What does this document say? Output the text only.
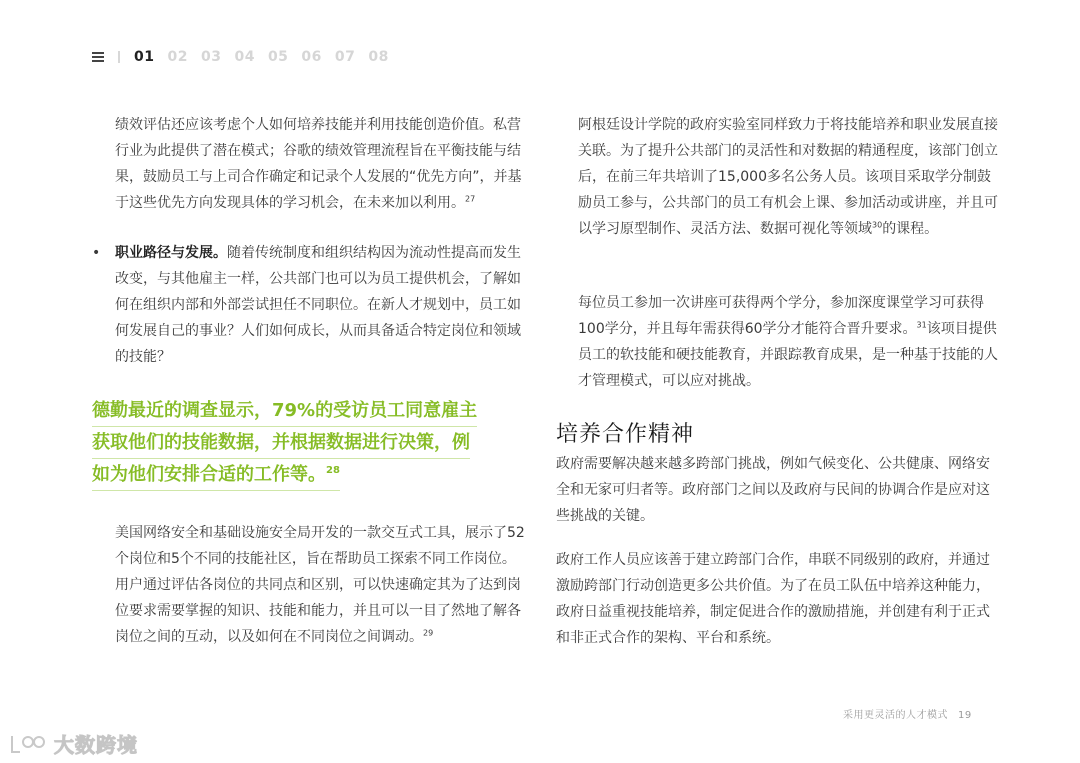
01 02 03 04 05 06 07 08

绩效评估还应该考虑个人如何培养技能并利用技能创造价值。私营行业为此提供了潜在模式；谷歌的绩效管理流程旨在平衡技能与结果，鼓励员工与上司合作确定和记录个人发展的“优先方向”，并基于这些优先方向发现具体的学习机会，在未来加以利用。$^{27}$

• 职业路径与发展。随着传统制度和组织结构因为流动性提高而发生改变，与其他雇主一样，公共部门也可以为员工提供机会，了解如何在组织内部和外部尝试担任不同职位。在新人才规划中，员工如何发展自己的事业？人们如何成长，从而具备适合特定岗位和领域的技能？

德勤最近的调查显示，79%的受访员工同意雇主
获取他们的技能数据，并根据数据进行决策，例
如为他们安排合适的工作等。$^{28}$

美国网络安全和基础设施安全局开发的一款交互式工具，展示了52个岗位和5个不同的技能社区，旨在帮助员工探索不同工作岗位。用户通过评估各岗位的共同点和区别，可以快速确定其为了达到岗位要求需要掌握的知识、技能和能力，并且可以一目了然地了解各岗位之间的互动，以及如何在不同岗位之间调动。$^{29}$

阿根廷设计学院的政府实验室同样致力于将技能培养和职业发展直接关联。为了提升公共部门的灵活性和对数据的精通程度，该部门创立后，在前三年共培训了15,000多名公务人员。该项目采取学分制鼓励员工参与，公共部门的员工有机会上课、参加活动或讲座，并且可以学习原型制作、灵活方法、数据可视化等领域$^{30}$的课程。

每位员工参加一次讲座可获得两个学分，参加深度课堂学习可获得100学分，并且每年需获得60学分才能符合晋升要求。$^{31}$该项目提供员工的软技能和硬技能教育，并跟踪教育成果，是一种基于技能的人才管理模式，可以应对挑战。

培养合作精神

政府需要解决越来越多跨部门挑战，例如气候变化、公共健康、网络安全和无家可归者等。政府部门之间以及政府与民间的协调合作是应对这些挑战的关键。

政府工作人员应该善于建立跨部门合作，串联不同级别的政府，并通过激励跨部门行动创造更多公共价值。为了在员工队伍中培养这种能力，政府日益重视技能培养，制定促进合作的激励措施，并创建有利于正式和非正式合作的架构、平台和系统。

采用更灵活的人才模式 19
大数跨境
